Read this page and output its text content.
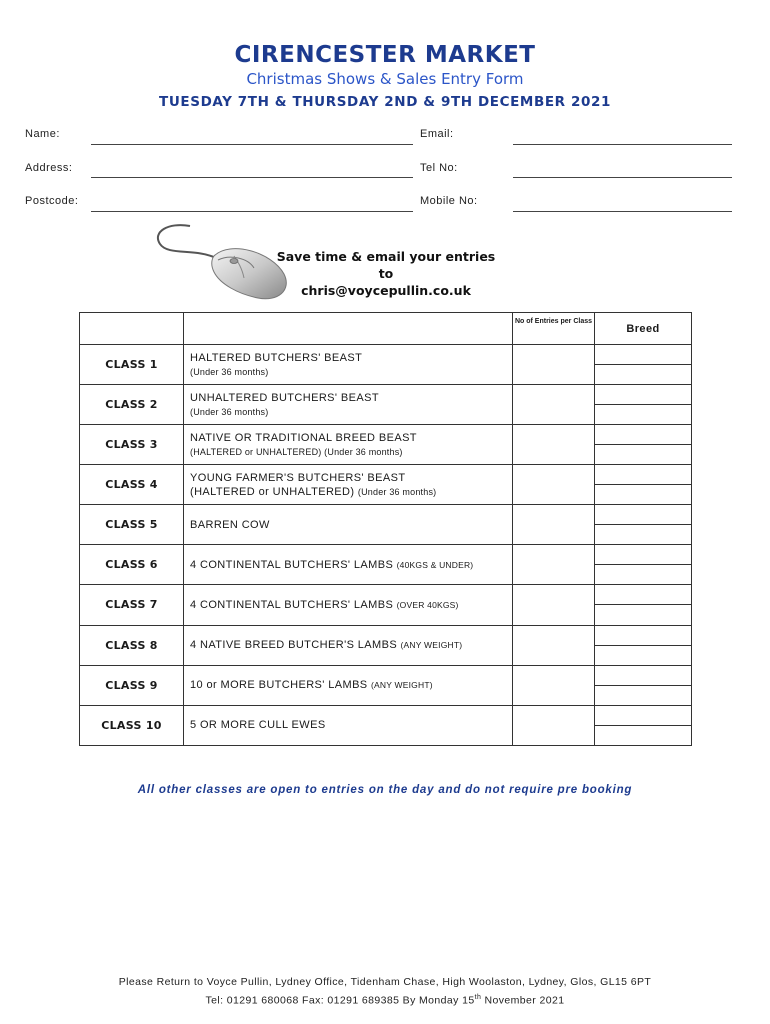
CIRENCESTER MARKET
Christmas Shows & Sales Entry Form
TUESDAY 7TH & THURSDAY 2ND & 9TH DECEMBER 2021
Name:	Email:
Address:	Tel No:
Postcode:	Mobile No:
Save time & email your entries to
chris@voycepullin.co.uk
		No of Entries per Class	Breed
CLASS 1	HALTERED BUTCHERS' BEAST
(Under 36 months)		

CLASS 2	UNHALTERED BUTCHERS' BEAST
(Under 36 months)		

CLASS 3	NATIVE OR TRADITIONAL BREED BEAST
(HALTERED or UNHALTERED) (Under 36 months)		

CLASS 4	YOUNG FARMER'S BUTCHERS' BEAST
(HALTERED or UNHALTERED) (Under 36 months)		

CLASS 5	BARREN COW		

CLASS 6	4 CONTINENTAL BUTCHERS' LAMBS (40KGS & UNDER)		

CLASS 7	4 CONTINENTAL BUTCHERS' LAMBS (OVER 40KGS)		

CLASS 8	4 NATIVE BREED BUTCHER'S LAMBS (ANY WEIGHT)		

CLASS 9	10 or MORE BUTCHERS' LAMBS (ANY WEIGHT)		

CLASS 10	5 OR MORE CULL EWES		

All other classes are open to entries on the day and do not require pre booking
Please Return to Voyce Pullin, Lydney Office, Tidenham Chase, High Woolaston, Lydney, Glos, GL15 6PT
Tel: 01291 680068 Fax: 01291 689385 By Monday 15th November 2021
